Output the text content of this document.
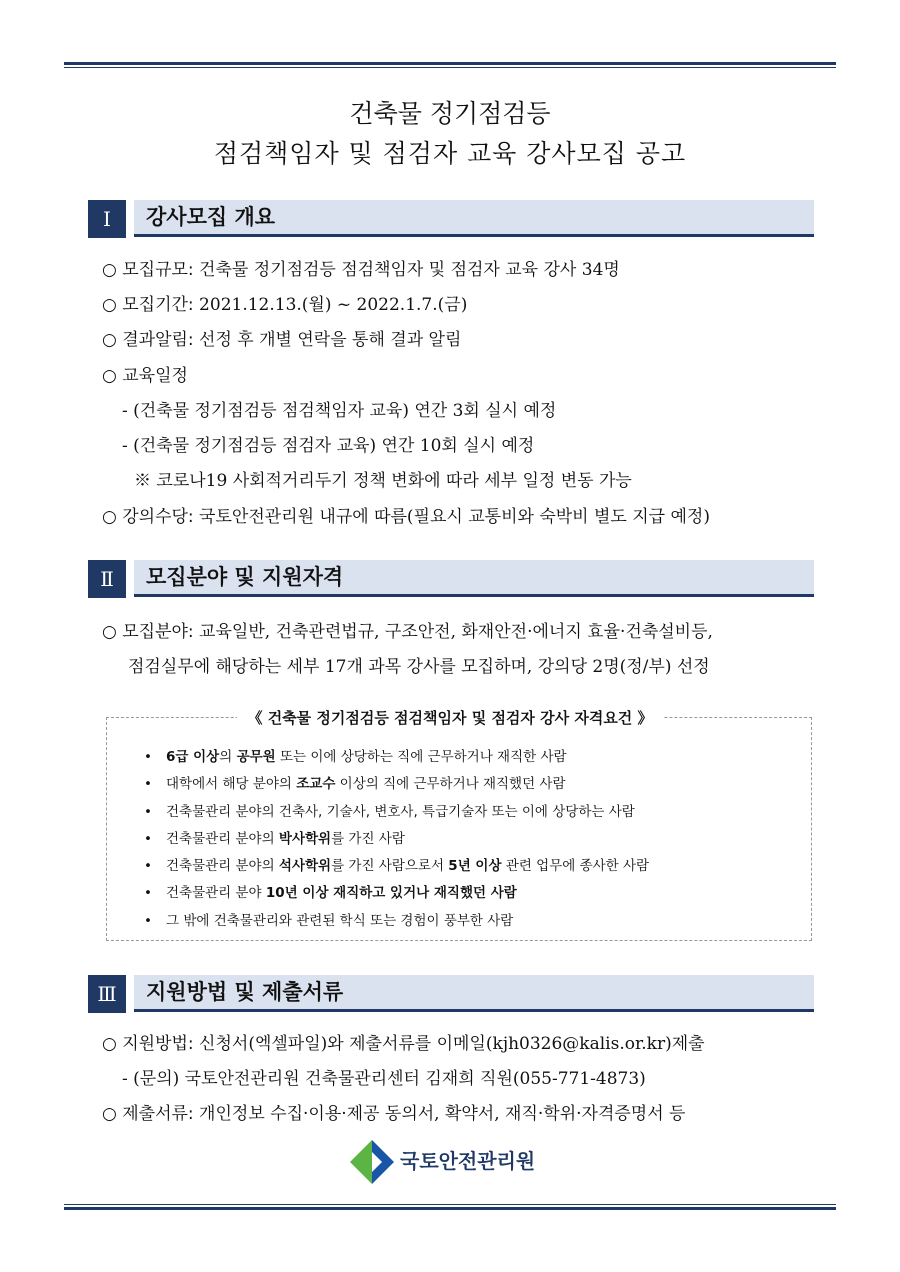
건축물 정기점검등
점검책임자 및 점검자 교육 강사모집 공고
Ⅰ	강사모집 개요
○ 모집규모: 건축물 정기점검등 점검책임자 및 점검자 교육 강사 34명
○ 모집기간: 2021.12.13.(월) ~ 2022.1.7.(금)
○ 결과알림: 선정 후 개별 연락을 통해 결과 알림
○ 교육일정
- (건축물 정기점검등 점검책임자 교육) 연간 3회 실시 예정
- (건축물 정기점검등 점검자 교육) 연간 10회 실시 예정
※ 코로나19 사회적거리두기 정책 변화에 따라 세부 일정 변동 가능
○ 강의수당: 국토안전관리원 내규에 따름(필요시 교통비와 숙박비 별도 지급 예정)
Ⅱ	모집분야 및 지원자격
○ 모집분야: 교육일반, 건축관련법규, 구조안전, 화재안전·에너지 효율·건축설비등,
점검실무에 해당하는 세부 17개 과목 강사를 모집하며, 강의당 2명(정/부) 선정
《 건축물 정기점검등 점검책임자 및 점검자 강사 자격요건 》
• 6급 이상의 공무원 또는 이에 상당하는 직에 근무하거나 재직한 사람
• 대학에서 해당 분야의 조교수 이상의 직에 근무하거나 재직했던 사람
• 건축물관리 분야의 건축사, 기술사, 변호사, 특급기술자 또는 이에 상당하는 사람
• 건축물관리 분야의 박사학위를 가진 사람
• 건축물관리 분야의 석사학위를 가진 사람으로서 5년 이상 관련 업무에 종사한 사람
• 건축물관리 분야 10년 이상 재직하고 있거나 재직했던 사람
• 그 밖에 건축물관리와 관련된 학식 또는 경험이 풍부한 사람
Ⅲ	지원방법 및 제출서류
○ 지원방법: 신청서(엑셀파일)와 제출서류를 이메일(kjh0326@kalis.or.kr)제출
- (문의) 국토안전관리원 건축물관리센터 김재희 직원(055-771-4873)
○ 제출서류: 개인정보 수집·이용·제공 동의서, 확약서, 재직·학위·자격증명서 등
국토안전관리원
